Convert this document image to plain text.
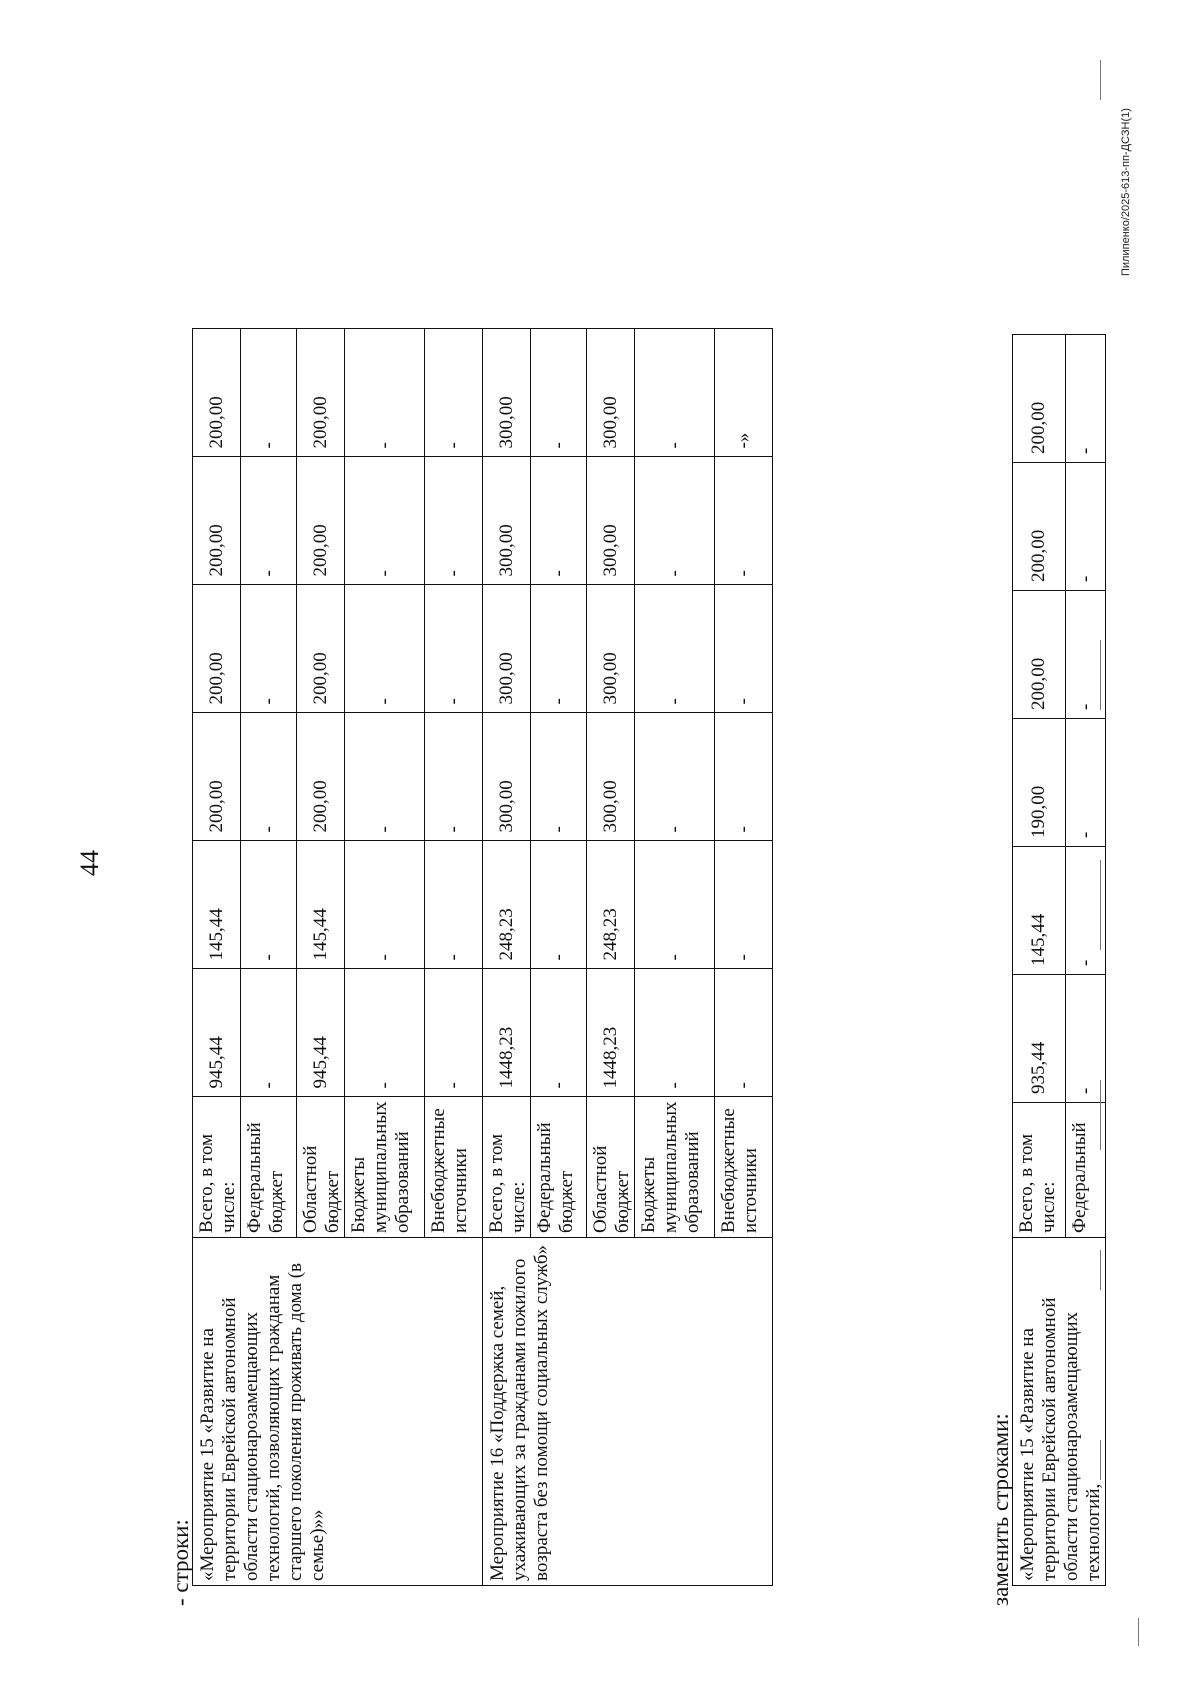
44
- строки: «Мероприятие 15 «Развитие на территории Еврейской автономной области стационарозамещающих технологий, позволяющих гражданам старшего поколения проживать дома (в семье)»»	Всего, в том числе:	945,44	145,44	200,00	200,00	200,00	200,00
	Федеральный бюджет	-	-	-	-	-	-
	Областной бюджет	945,44	145,44	200,00	200,00	200,00	200,00
	Бюджеты муниципальных образований	-	-	-	-	-	-
	Внебюджетные источники	-	-	-	-	-	-
Мероприятие 16 «Поддержка семей, ухаживающих за гражданами пожилого возраста без помощи социальных служб»	Всего, в том числе:	1448,23	248,23	300,00	300,00	300,00	300,00
	Федеральный бюджет	-	-	-	-	-	-
	Областной бюджет	1448,23	248,23	300,00	300,00	300,00	300,00
	Бюджеты муниципальных образований	-	-	-	-	-	-
	Внебюджетные источники	-	-	-	-	-	-»
заменить строками: «Мероприятие 15 «Развитие на территории Еврейской автономной области стационарозамещающих технологий,	Всего, в том числе:	935,44	145,44	190,00	200,00	200,00	200,00
	Федеральный	-	-	-	-	-	-
Пилипенко/2025-613-пп-ДСЗН(1)
